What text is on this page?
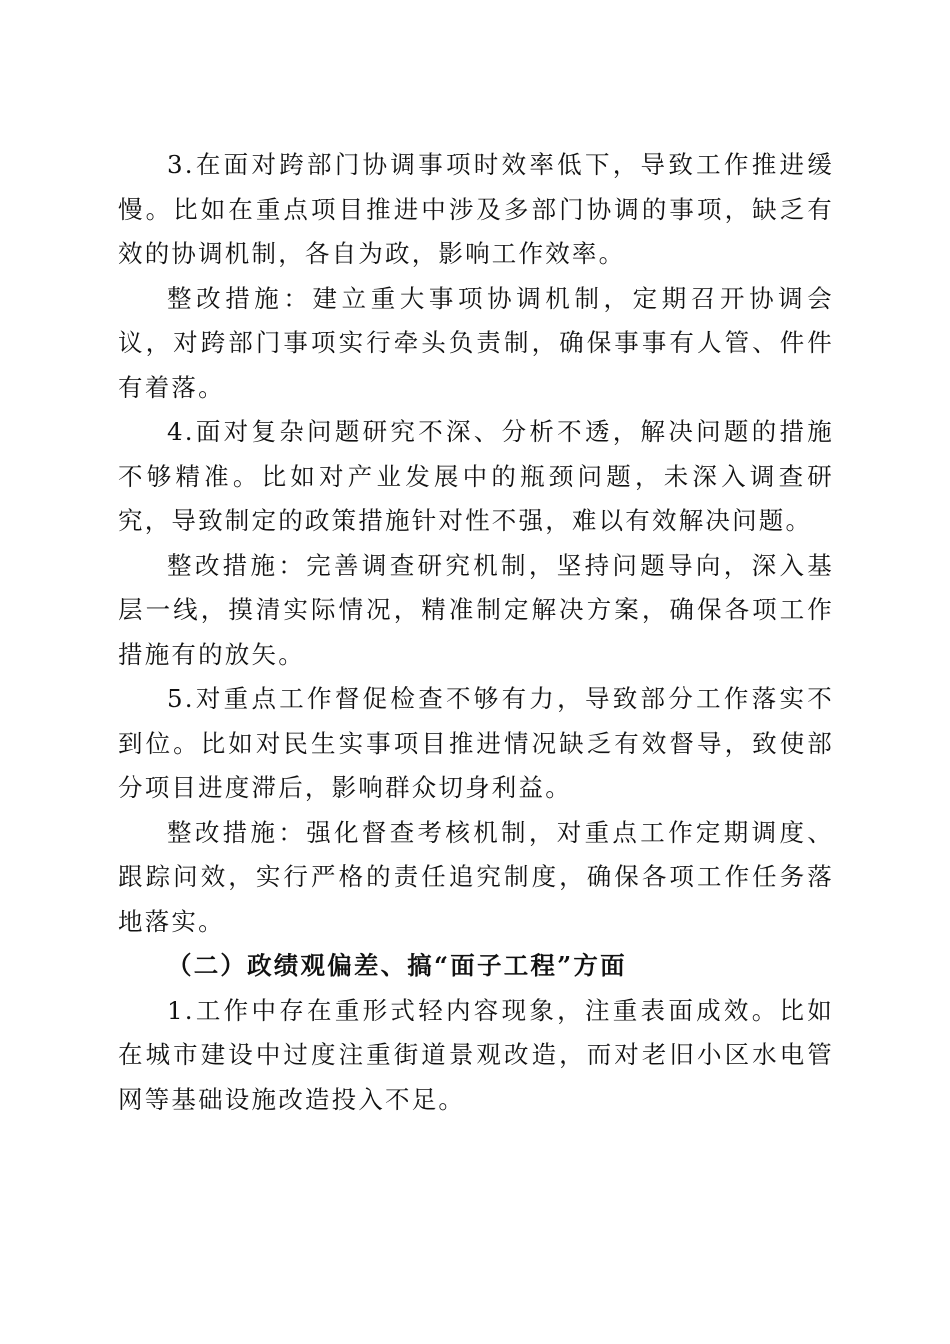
3.在面对跨部门协调事项时效率低下，导致工作推进缓慢。比如在重点项目推进中涉及多部门协调的事项，缺乏有效的协调机制，各自为政，影响工作效率。

整改措施：建立重大事项协调机制，定期召开协调会议，对跨部门事项实行牵头负责制，确保事事有人管、件件有着落。

4.面对复杂问题研究不深、分析不透，解决问题的措施不够精准。比如对产业发展中的瓶颈问题，未深入调查研究，导致制定的政策措施针对性不强，难以有效解决问题。

整改措施：完善调查研究机制，坚持问题导向，深入基层一线，摸清实际情况，精准制定解决方案，确保各项工作措施有的放矢。

5.对重点工作督促检查不够有力，导致部分工作落实不到位。比如对民生实事项目推进情况缺乏有效督导，致使部分项目进度滞后，影响群众切身利益。

整改措施：强化督查考核机制，对重点工作定期调度、跟踪问效，实行严格的责任追究制度，确保各项工作任务落地落实。

（二）政绩观偏差、搞“面子工程”方面

1.工作中存在重形式轻内容现象，注重表面成效。比如在城市建设中过度注重街道景观改造，而对老旧小区水电管网等基础设施改造投入不足。
